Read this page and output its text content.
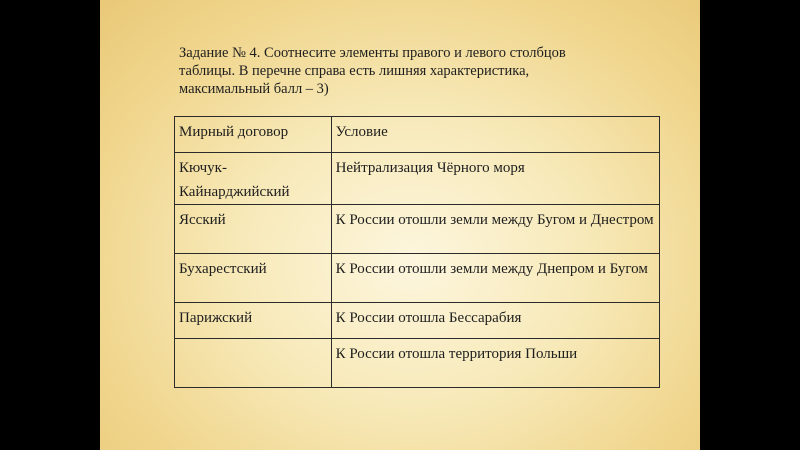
Задание № 4. Соотнесите элементы правого и левого столбцов
таблицы. В перечне справа есть лишняя характеристика,
максимальный балл – 3)

Мирный договор	Условие
Кючук-Кайнарджийский	Нейтрализация Чёрного моря
Ясский	К России отошли земли между Бугом и Днестром
Бухарестский	К России отошли земли между Днепром и Бугом
Парижский	К России отошла Бессарабия
	К России отошла территория Польши
